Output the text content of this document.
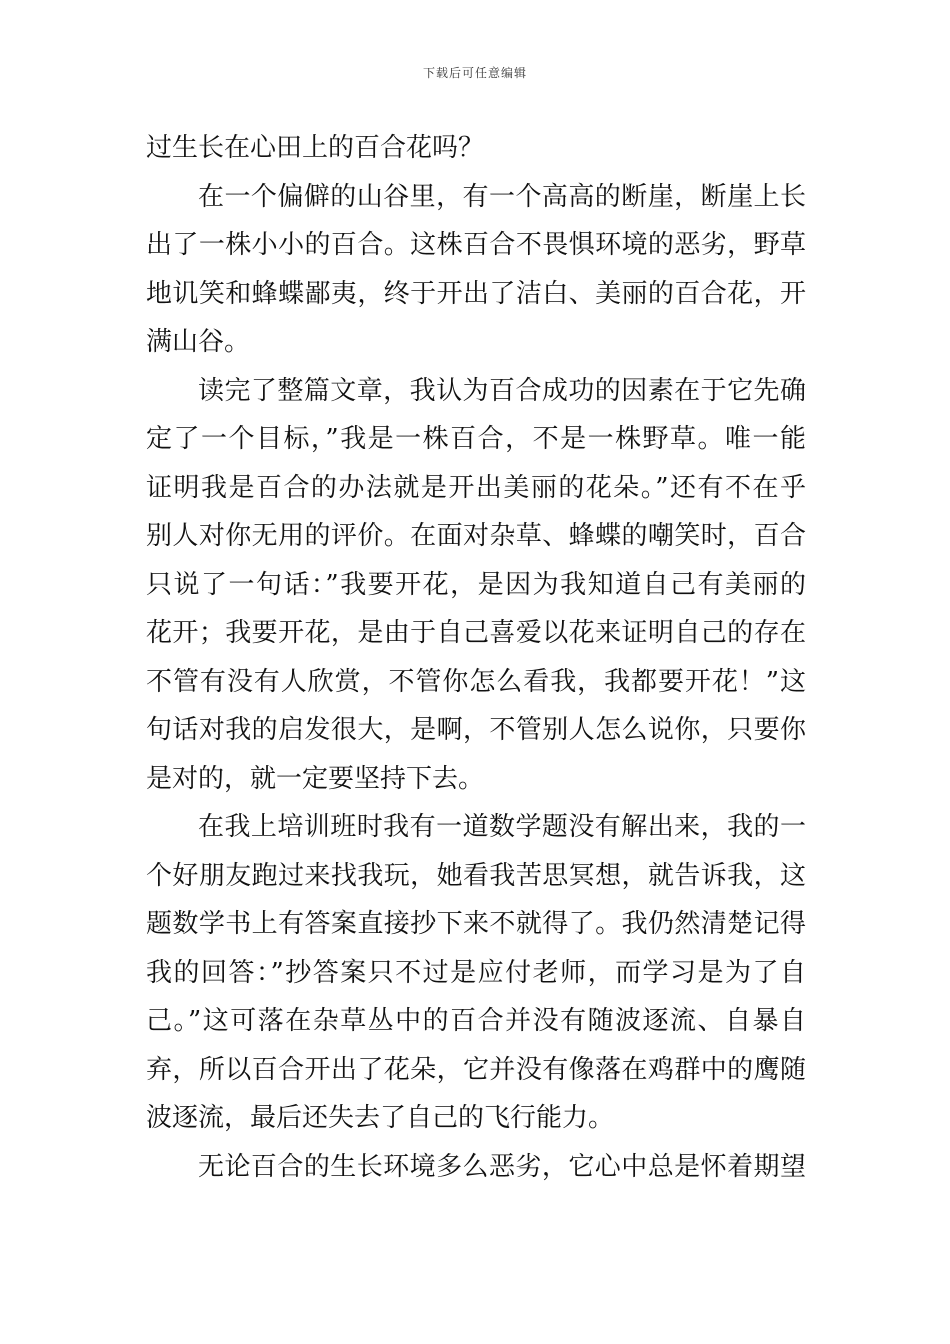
下载后可任意编辑
过生长在心田上的百合花吗？
在一个偏僻的山谷里，有一个高高的断崖，断崖上长
出了一株小小的百合。这株百合不畏惧环境的恶劣，野草
地讥笑和蜂蝶鄙夷，终于开出了洁白、美丽的百合花，开
满山谷。
读完了整篇文章，我认为百合成功的因素在于它先确
定了一个目标，”我是一株百合，不是一株野草。唯一能
证明我是百合的办法就是开出美丽的花朵。”还有不在乎
别人对你无用的评价。在面对杂草、蜂蝶的嘲笑时，百合
只说了一句话：”我要开花，是因为我知道自己有美丽的
花开；我要开花，是由于自己喜爱以花来证明自己的存在
不管有没有人欣赏，不管你怎么看我，我都要开花！”这
句话对我的启发很大，是啊，不管别人怎么说你，只要你
是对的，就一定要坚持下去。
在我上培训班时我有一道数学题没有解出来，我的一
个好朋友跑过来找我玩，她看我苦思冥想，就告诉我，这
题数学书上有答案直接抄下来不就得了。我仍然清楚记得
我的回答：”抄答案只不过是应付老师，而学习是为了自
己。”这可落在杂草丛中的百合并没有随波逐流、自暴自
弃，所以百合开出了花朵，它并没有像落在鸡群中的鹰随
波逐流，最后还失去了自己的飞行能力。
无论百合的生长环境多么恶劣，它心中总是怀着期望
